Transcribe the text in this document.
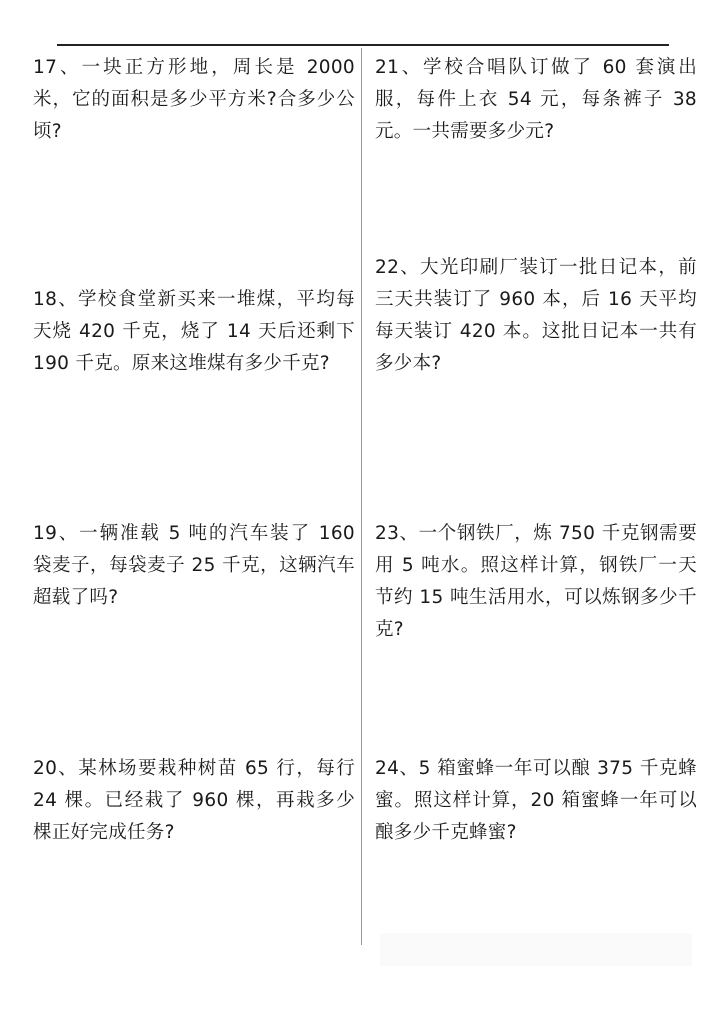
17、一块正方形地，周长是 2000 米，它的面积是多少平方米?合多少公顷?
18、学校食堂新买来一堆煤，平均每天烧 420 千克，烧了 14 天后还剩下 190 千克。原来这堆煤有多少千克?
19、一辆准载 5 吨的汽车装了 160 袋麦子，每袋麦子 25 千克，这辆汽车超载了吗?
20、某林场要栽种树苗 65 行，每行 24 棵。已经栽了 960 棵，再栽多少棵正好完成任务?
21、学校合唱队订做了 60 套演出服，每件上衣 54 元，每条裤子 38 元。一共需要多少元?
22、大光印刷厂装订一批日记本，前三天共装订了 960 本，后 16 天平均每天装订 420 本。这批日记本一共有多少本?
23、一个钢铁厂，炼 750 千克钢需要用 5 吨水。照这样计算，钢铁厂一天节约 15 吨生活用水，可以炼钢多少千克?
24、5 箱蜜蜂一年可以酿 375 千克蜂蜜。照这样计算，20 箱蜜蜂一年可以酿多少千克蜂蜜?
